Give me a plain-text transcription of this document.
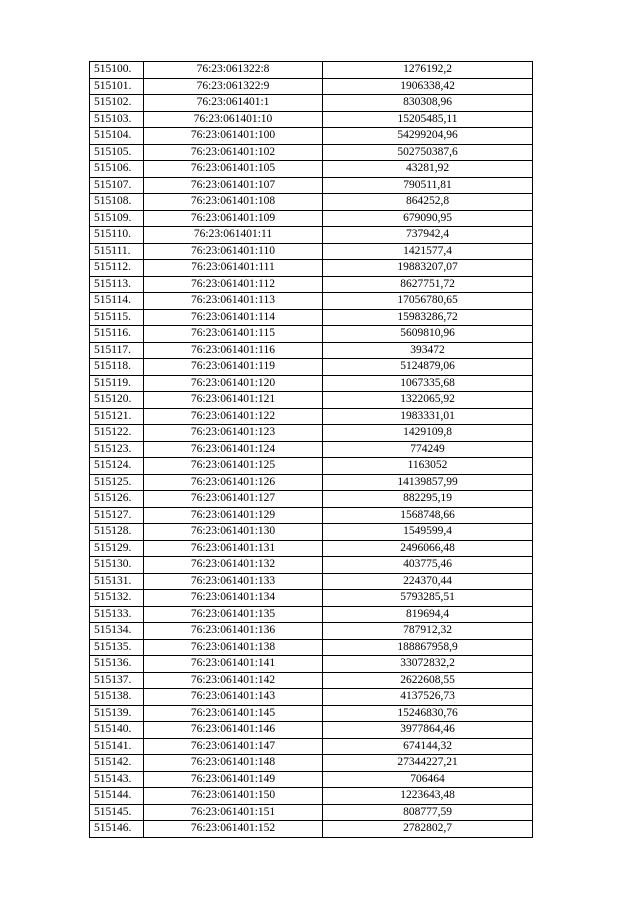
515100.	76:23:061322:8	1276192,2
515101.	76:23:061322:9	1906338,42
515102.	76:23:061401:1	830308,96
515103.	76:23:061401:10	15205485,11
515104.	76:23:061401:100	54299204,96
515105.	76:23:061401:102	502750387,6
515106.	76:23:061401:105	43281,92
515107.	76:23:061401:107	790511,81
515108.	76:23:061401:108	864252,8
515109.	76:23:061401:109	679090,95
515110.	76:23:061401:11	737942,4
515111.	76:23:061401:110	1421577,4
515112.	76:23:061401:111	19883207,07
515113.	76:23:061401:112	8627751,72
515114.	76:23:061401:113	17056780,65
515115.	76:23:061401:114	15983286,72
515116.	76:23:061401:115	5609810,96
515117.	76:23:061401:116	393472
515118.	76:23:061401:119	5124879,06
515119.	76:23:061401:120	1067335,68
515120.	76:23:061401:121	1322065,92
515121.	76:23:061401:122	1983331,01
515122.	76:23:061401:123	1429109,8
515123.	76:23:061401:124	774249
515124.	76:23:061401:125	1163052
515125.	76:23:061401:126	14139857,99
515126.	76:23:061401:127	882295,19
515127.	76:23:061401:129	1568748,66
515128.	76:23:061401:130	1549599,4
515129.	76:23:061401:131	2496066,48
515130.	76:23:061401:132	403775,46
515131.	76:23:061401:133	224370,44
515132.	76:23:061401:134	5793285,51
515133.	76:23:061401:135	819694,4
515134.	76:23:061401:136	787912,32
515135.	76:23:061401:138	188867958,9
515136.	76:23:061401:141	33072832,2
515137.	76:23:061401:142	2622608,55
515138.	76:23:061401:143	4137526,73
515139.	76:23:061401:145	15246830,76
515140.	76:23:061401:146	3977864,46
515141.	76:23:061401:147	674144,32
515142.	76:23:061401:148	27344227,21
515143.	76:23:061401:149	706464
515144.	76:23:061401:150	1223643,48
515145.	76:23:061401:151	808777,59
515146.	76:23:061401:152	2782802,7
